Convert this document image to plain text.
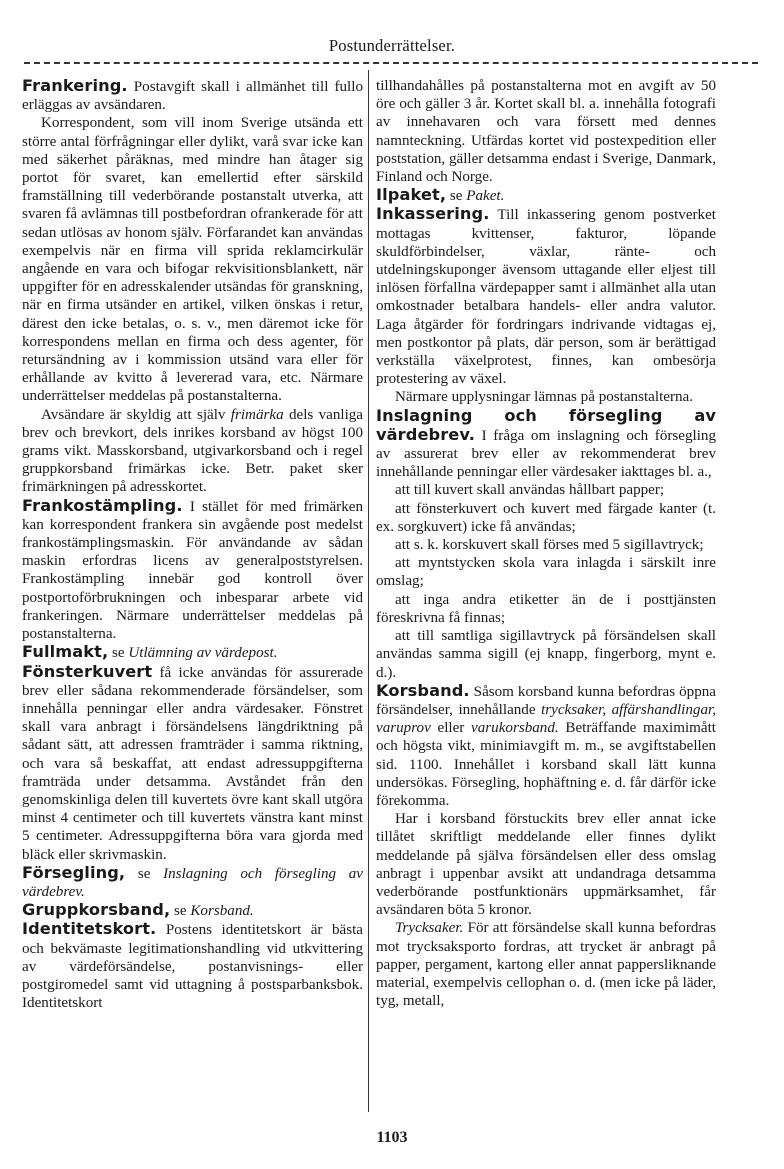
Postunderrättelser.

Frankering. Postavgift skall i allmänhet till fullo erläggas av avsändaren.

Korrespondent, som vill inom Sverige utsända ett större antal förfrågningar eller dylikt, varå svar icke kan med säkerhet påräknas, med mindre han åtager sig portot för svaret, kan emellertid efter särskild framställning till vederbörande postanstalt utverka, att svaren få avlämnas till postbefordran ofrankerade för att sedan utlösas av honom själv. Förfarandet kan användas exempelvis när en firma vill sprida reklamcirkulär angående en vara och bifogar rekvisitionsblankett, när uppgifter för en adresskalender utsändas för granskning, när en firma utsänder en artikel, vilken önskas i retur, därest den icke betalas, o. s. v., men däremot icke för korrespondens mellan en firma och dess agenter, för retursändning av i kommission utsänd vara eller för erhållande av kvitto å levererad vara, etc. Närmare underrättelser meddelas på postanstalterna.

Avsändare är skyldig att själv frimärka dels vanliga brev och brevkort, dels inrikes korsband av högst 100 grams vikt. Masskorsband, utgivarkorsband och i regel gruppkorsband frimärkas icke. Betr. paket sker frimärkningen på adresskortet.

Frankostämpling. I stället för med frimärken kan korrespondent frankera sin avgående post medelst frankostämplingsmaskin. För användande av sådan maskin erfordras licens av generalpoststyrelsen. Frankostämpling innebär god kontroll över postportoförbrukningen och inbesparar arbete vid frankeringen. Närmare underrättelser meddelas på postanstalterna.

Fullmakt, se Utlämning av värdepost.

Fönsterkuvert få icke användas för assurerade brev eller sådana rekommenderade försändelser, som innehålla penningar eller andra värdesaker. Fönstret skall vara anbragt i försändelsens längdriktning på sådant sätt, att adressen framträder i samma riktning, och vara så beskaffat, att endast adressuppgifterna framträda under detsamma. Avståndet från den genomskinliga delen till kuvertets övre kant skall utgöra minst 4 centimeter och till kuvertets vänstra kant minst 5 centimeter. Adressuppgifterna böra vara gjorda med bläck eller skrivmaskin.

Försegling, se Inslagning och försegling av värdebrev.

Gruppkorsband, se Korsband.

Identitetskort. Postens identitetskort är bästa och bekvämaste legitimationshandling vid utkvittering av värdeförsändelse, postanvisnings- eller postgiromedel samt vid uttagning å postsparbanksbok. Identitetskort

tillhandahålles på postanstalterna mot en avgift av 50 öre och gäller 3 år. Kortet skall bl. a. innehålla fotografi av innehavaren och vara försett med dennes namnteckning. Utfärdas kortet vid postexpedition eller poststation, gäller detsamma endast i Sverige, Danmark, Finland och Norge.

Ilpaket, se Paket.

Inkassering. Till inkassering genom postverket mottagas kvittenser, fakturor, löpande skuldförbindelser, växlar, ränte- och utdelningskuponger ävensom uttagande eller eljest till inlösen förfallna värdepapper samt i allmänhet alla utan omkostnader betalbara handels- eller andra valutor. Laga åtgärder för fordringars indrivande vidtagas ej, men postkontor på plats, där person, som är berättigad verkställa växelprotest, finnes, kan ombesörja protestering av växel.

Närmare upplysningar lämnas på postanstalterna.

Inslagning och försegling av värdebrev. I fråga om inslagning och försegling av assurerat brev eller av rekommenderat brev innehållande penningar eller värdesaker iakttages bl. a.,

att till kuvert skall användas hållbart papper;

att fönsterkuvert och kuvert med färgade kanter (t. ex. sorgkuvert) icke få användas;

att s. k. korskuvert skall förses med 5 sigillavtryck;

att myntstycken skola vara inlagda i särskilt inre omslag;

att inga andra etiketter än de i posttjänsten föreskrivna få finnas;

att till samtliga sigillavtryck på försändelsen skall användas samma sigill (ej knapp, fingerborg, mynt e. d.).

Korsband. Såsom korsband kunna befordras öppna försändelser, innehållande trycksaker, affärshandlingar, varuprov eller varukorsband. Beträffande maximimått och högsta vikt, minimiavgift m. m., se avgiftstabellen sid. 1100. Innehållet i korsband skall lätt kunna undersökas. Försegling, hophäftning e. d. får därför icke förekomma.

Har i korsband förstuckits brev eller annat icke tillåtet skriftligt meddelande eller finnes dylikt meddelande på själva försändelsen eller dess omslag anbragt i uppenbar avsikt att undandraga detsamma vederbörande postfunktionärs uppmärksamhet, får avsändaren böta 5 kronor.

Trycksaker. För att försändelse skall kunna befordras mot trycksaksporto fordras, att trycket är anbragt på papper, pergament, kartong eller annat pappersliknande material, exempelvis cellophan o. d. (men icke på läder, tyg, metall,

1103
